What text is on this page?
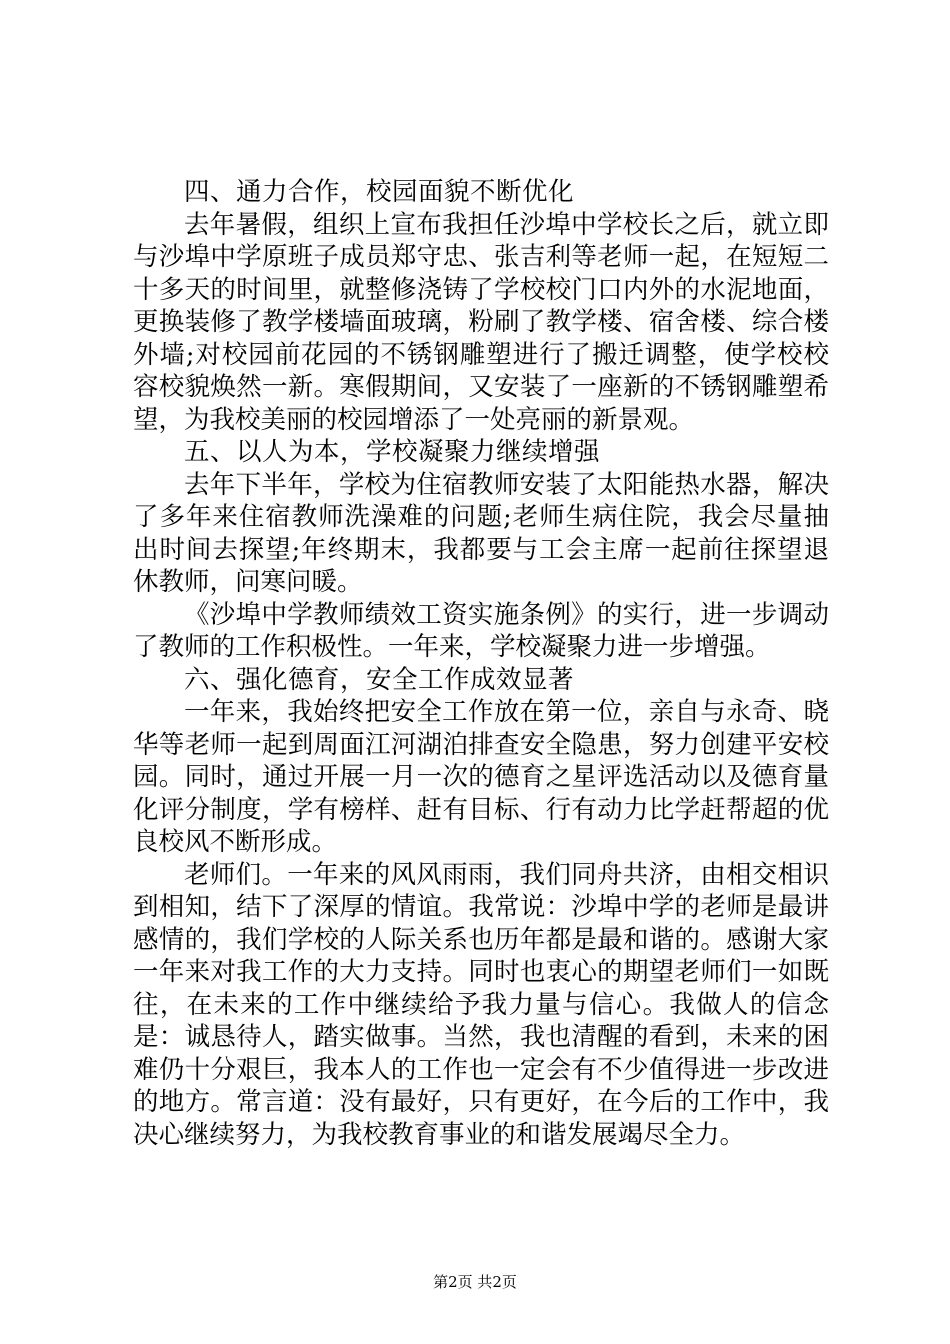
四、通力合作，校园面貌不断优化

去年暑假，组织上宣布我担任沙埠中学校长之后，就立即与沙埠中学原班子成员郑守忠、张吉利等老师一起，在短短二十多天的时间里，就整修浇铸了学校校门口内外的水泥地面，更换装修了教学楼墙面玻璃，粉刷了教学楼、宿舍楼、综合楼外墙;对校园前花园的不锈钢雕塑进行了搬迁调整，使学校校容校貌焕然一新。寒假期间，又安装了一座新的不锈钢雕塑希望，为我校美丽的校园增添了一处亮丽的新景观。

五、以人为本，学校凝聚力继续增强

去年下半年，学校为住宿教师安装了太阳能热水器，解决了多年来住宿教师洗澡难的问题;老师生病住院，我会尽量抽出时间去探望;年终期末，我都要与工会主席一起前往探望退休教师，问寒问暖。

《沙埠中学教师绩效工资实施条例》的实行，进一步调动了教师的工作积极性。一年来，学校凝聚力进一步增强。

六、强化德育，安全工作成效显著

一年来，我始终把安全工作放在第一位，亲自与永奇、晓华等老师一起到周面江河湖泊排查安全隐患，努力创建平安校园。同时，通过开展一月一次的德育之星评选活动以及德育量化评分制度，学有榜样、赶有目标、行有动力比学赶帮超的优良校风不断形成。

老师们。一年来的风风雨雨，我们同舟共济，由相交相识到相知，结下了深厚的情谊。我常说：沙埠中学的老师是最讲感情的，我们学校的人际关系也历年都是最和谐的。感谢大家一年来对我工作的大力支持。同时也衷心的期望老师们一如既往，在未来的工作中继续给予我力量与信心。我做人的信念是：诚恳待人，踏实做事。当然，我也清醒的看到，未来的困难仍十分艰巨，我本人的工作也一定会有不少值得进一步改进的地方。常言道：没有最好，只有更好，在今后的工作中，我决心继续努力，为我校教育事业的和谐发展竭尽全力。

第2页 共2页
